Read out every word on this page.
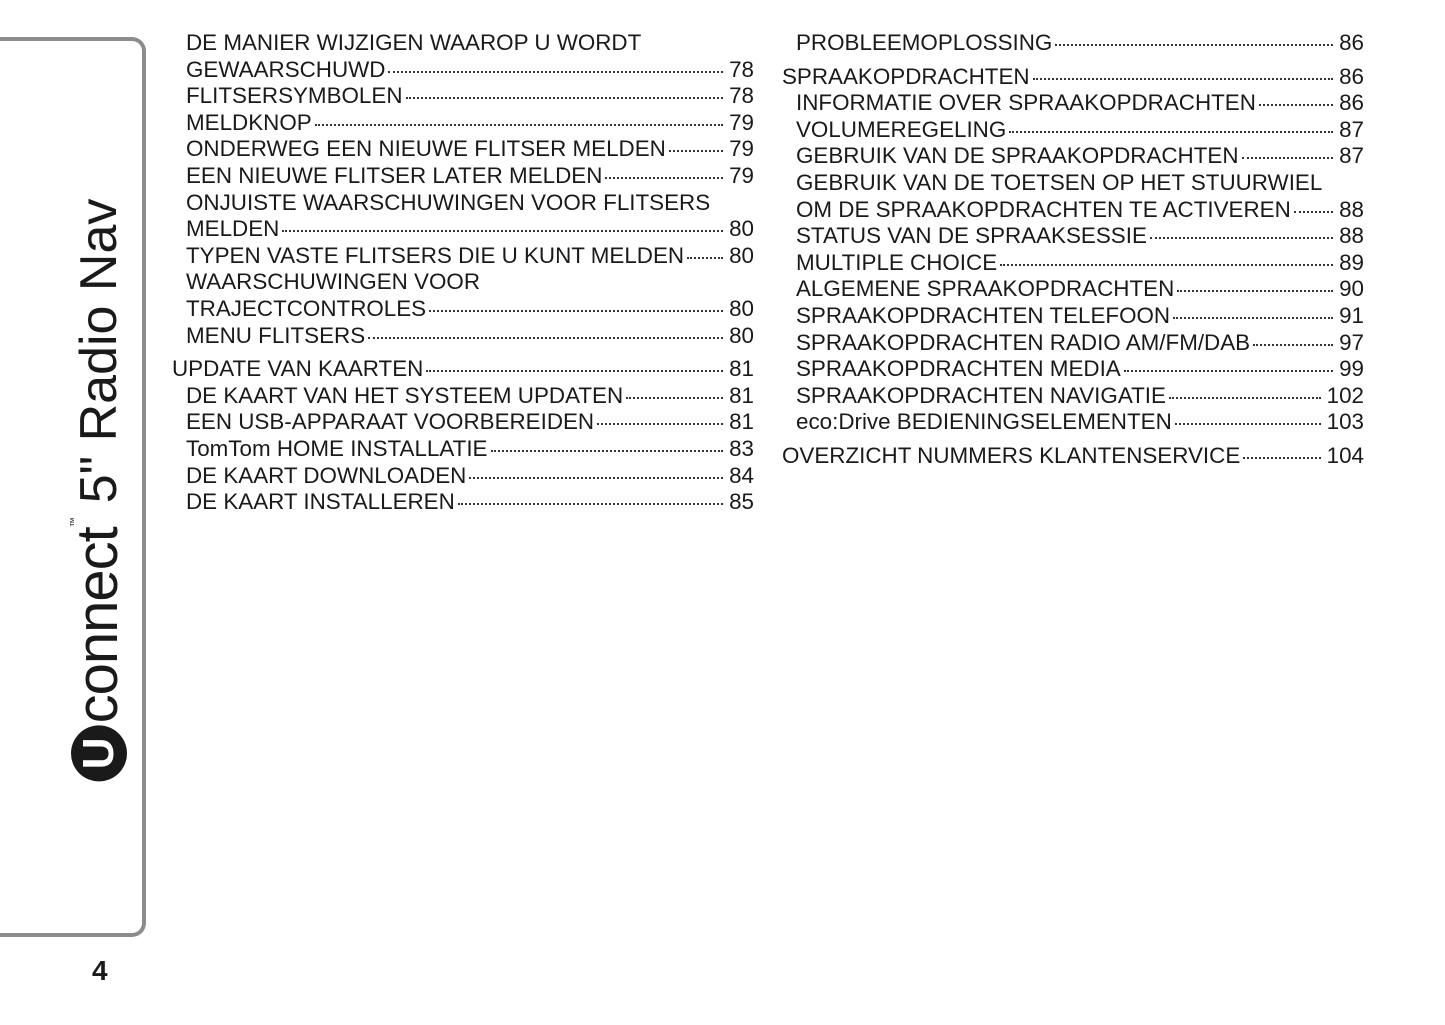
U
connect
™
5" Radio Nav
DE MANIER WIJZIGEN WAAROP U WORDT
GEWAARSCHUWD	78
FLITSERSYMBOLEN	78
MELDKNOP	79
ONDERWEG EEN NIEUWE FLITSER MELDEN	79
EEN NIEUWE FLITSER LATER MELDEN	79
ONJUISTE WAARSCHUWINGEN VOOR FLITSERS
MELDEN	80
TYPEN VASTE FLITSERS DIE U KUNT MELDEN 80
WAARSCHUWINGEN VOOR
TRAJECTCONTROLES	80
MENU FLITSERS	80
UPDATE VAN KAARTEN	81
DE KAART VAN HET SYSTEEM UPDATEN	81
EEN USB-APPARAAT VOORBEREIDEN	81
TomTom HOME INSTALLATIE	83
DE KAART DOWNLOADEN	84
DE KAART INSTALLEREN	85
PROBLEEMOPLOSSING	86
SPRAAKOPDRACHTEN	86
INFORMATIE OVER SPRAAKOPDRACHTEN	86
VOLUMEREGELING	87
GEBRUIK VAN DE SPRAAKOPDRACHTEN	87
GEBRUIK VAN DE TOETSEN OP HET STUURWIEL
OM DE SPRAAKOPDRACHTEN TE ACTIVEREN 88
STATUS VAN DE SPRAAKSESSIE	88
MULTIPLE CHOICE	89
ALGEMENE SPRAAKOPDRACHTEN	90
SPRAAKOPDRACHTEN TELEFOON	91
SPRAAKOPDRACHTEN RADIO AM/FM/DAB	97
SPRAAKOPDRACHTEN MEDIA	99
SPRAAKOPDRACHTEN NAVIGATIE	102
eco:Drive BEDIENINGSELEMENTEN	103
OVERZICHT NUMMERS KLANTENSERVICE	104
4
